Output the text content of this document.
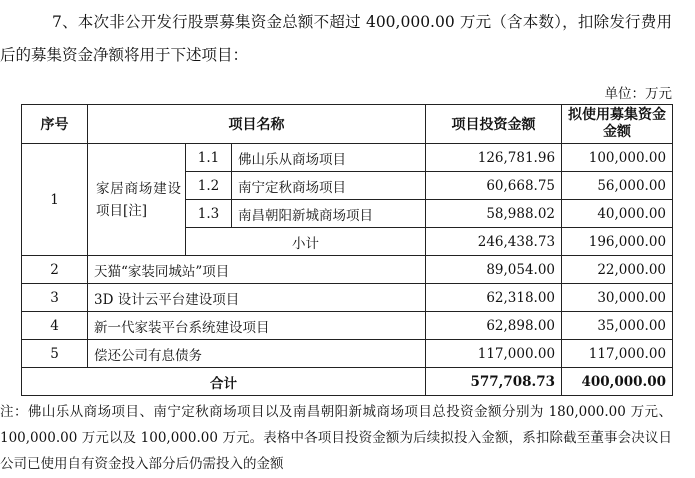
7、本次非公开发行股票募集资金总额不超过 400,000.00 万元（含本数），扣除发行费用后的募集资金净额将用于下述项目：

单位：万元
序号	项目名称			项目投资金额	拟使用募集资金金额
1	家居商场建设项目[注]	1.1	佛山乐从商场项目	126,781.96	100,000.00
		1.2	南宁定秋商场项目	60,668.75	56,000.00
		1.3	南昌朝阳新城商场项目	58,988.02	40,000.00
		小计		246,438.73	196,000.00
2	天猫“家装同城站”项目			89,054.00	22,000.00
3	3D 设计云平台建设项目			62,318.00	30,000.00
4	新一代家装平台系统建设项目			62,898.00	35,000.00
5	偿还公司有息债务			117,000.00	117,000.00
合计				577,708.73	400,000.00

注：佛山乐从商场项目、南宁定秋商场项目以及南昌朝阳新城商场项目总投资金额分别为 180,000.00 万元、100,000.00 万元以及 100,000.00 万元。表格中各项目投资金额为后续拟投入金额，系扣除截至董事会决议日公司已使用自有资金投入部分后仍需投入的金额
